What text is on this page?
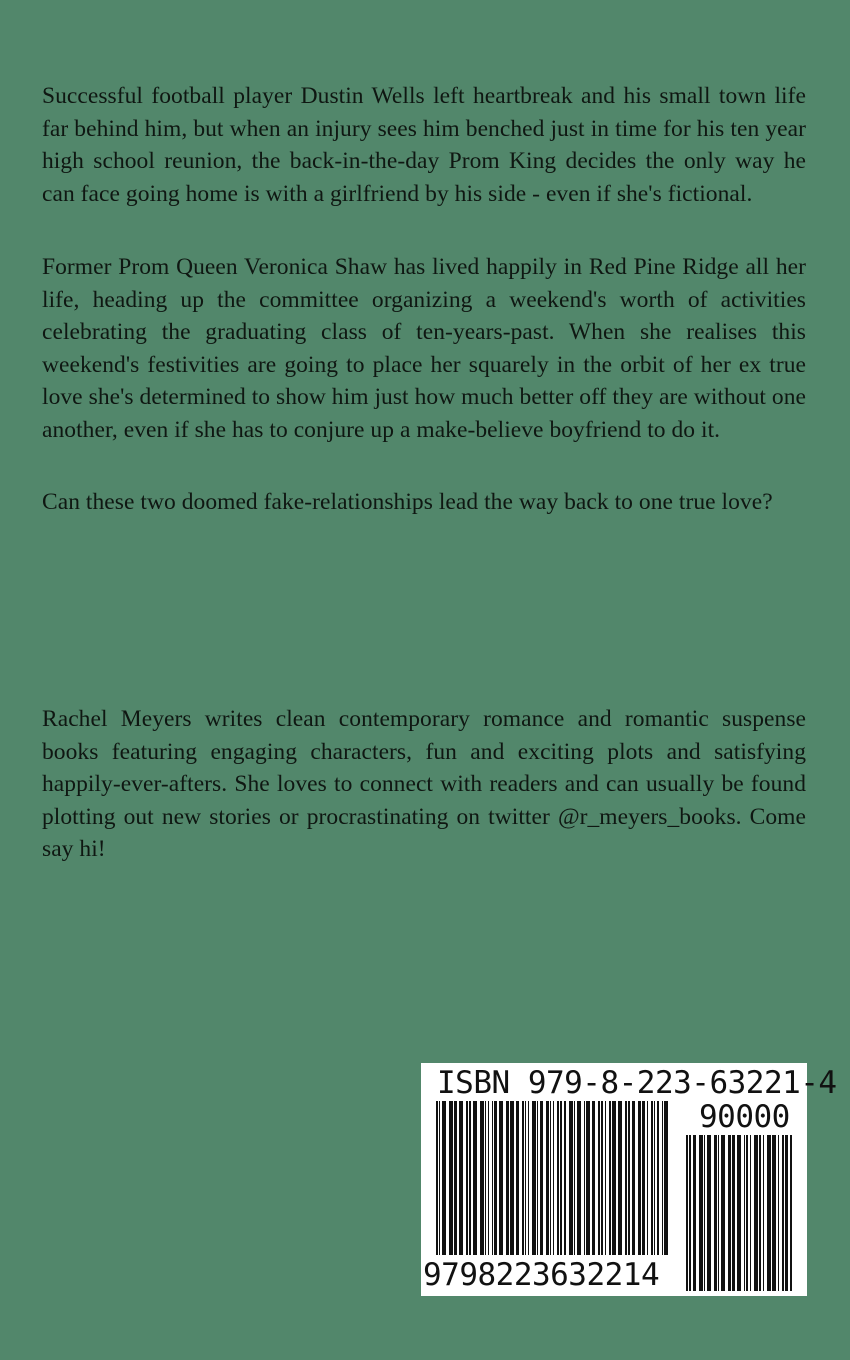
Successful football player Dustin Wells left heartbreak and his small town life far behind him, but when an injury sees him benched just in time for his ten year high school reunion, the back-in-the-day Prom King decides the only way he can face going home is with a girlfriend by his side - even if she's fictional.

Former Prom Queen Veronica Shaw has lived happily in Red Pine Ridge all her life, heading up the committee organizing a weekend's worth of activities celebrating the graduating class of ten-years-past. When she realises this weekend's festivities are going to place her squarely in the orbit of her ex true love she's determined to show him just how much better off they are without one another, even if she has to conjure up a make-believe boyfriend to do it.

Can these two doomed fake-relationships lead the way back to one true love?

Rachel Meyers writes clean contemporary romance and romantic suspense books featuring engaging characters, fun and exciting plots and satisfying happily-ever-afters. She loves to connect with readers and can usually be found plotting out new stories or procrastinating on twitter @r_meyers_books. Come say hi!

ISBN 979-8-223-63221-4
90000
9798223632214
